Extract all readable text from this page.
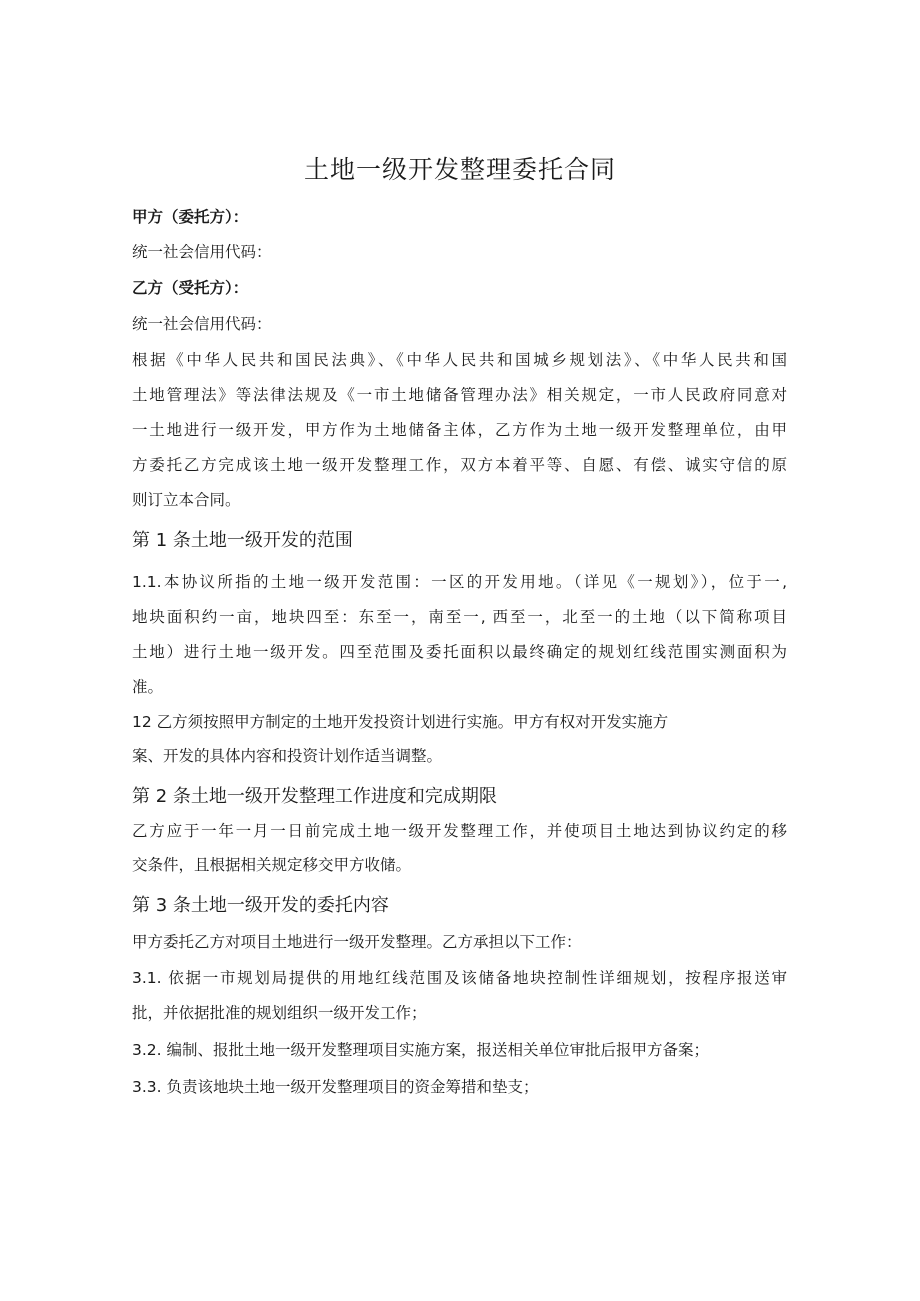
土地一级开发整理委托合同
甲方（委托方）：
统一社会信用代码：
乙方（受托方）：
统一社会信用代码：
根据《中华人民共和国民法典》、《中华人民共和国城乡规划法》、《中华人民共和国
土地管理法》等法律法规及《一市土地储备管理办法》相关规定，一市人民政府同意对
一土地进行一级开发，甲方作为土地储备主体，乙方作为土地一级开发整理单位，由甲
方委托乙方完成该土地一级开发整理工作，双方本着平等、自愿、有偿、诚实守信的原
则订立本合同。
第 1 条土地一级开发的范围
1.1.本协议所指的土地一级开发范围：一区的开发用地。（详见《一规划》），位于一,
地块面积约一亩，地块四至：东至一，南至一, 西至一，北至一的土地（以下简称项目
土地）进行土地一级开发。四至范围及委托面积以最终确定的规划红线范围实测面积为
准。
12 乙方须按照甲方制定的土地开发投资计划进行实施。甲方有权对开发实施方
案、开发的具体内容和投资计划作适当调整。
第 2 条土地一级开发整理工作进度和完成期限
乙方应于一年一月一日前完成土地一级开发整理工作，并使项目土地达到协议约定的移
交条件，且根据相关规定移交甲方收储。
第 3 条土地一级开发的委托内容
甲方委托乙方对项目土地进行一级开发整理。乙方承担以下工作：
3.1. 依据一市规划局提供的用地红线范围及该储备地块控制性详细规划，按程序报送审
批，并依据批准的规划组织一级开发工作；
3.2. 编制、报批土地一级开发整理项目实施方案，报送相关单位审批后报甲方备案；
3.3. 负责该地块土地一级开发整理项目的资金筹措和垫支；
